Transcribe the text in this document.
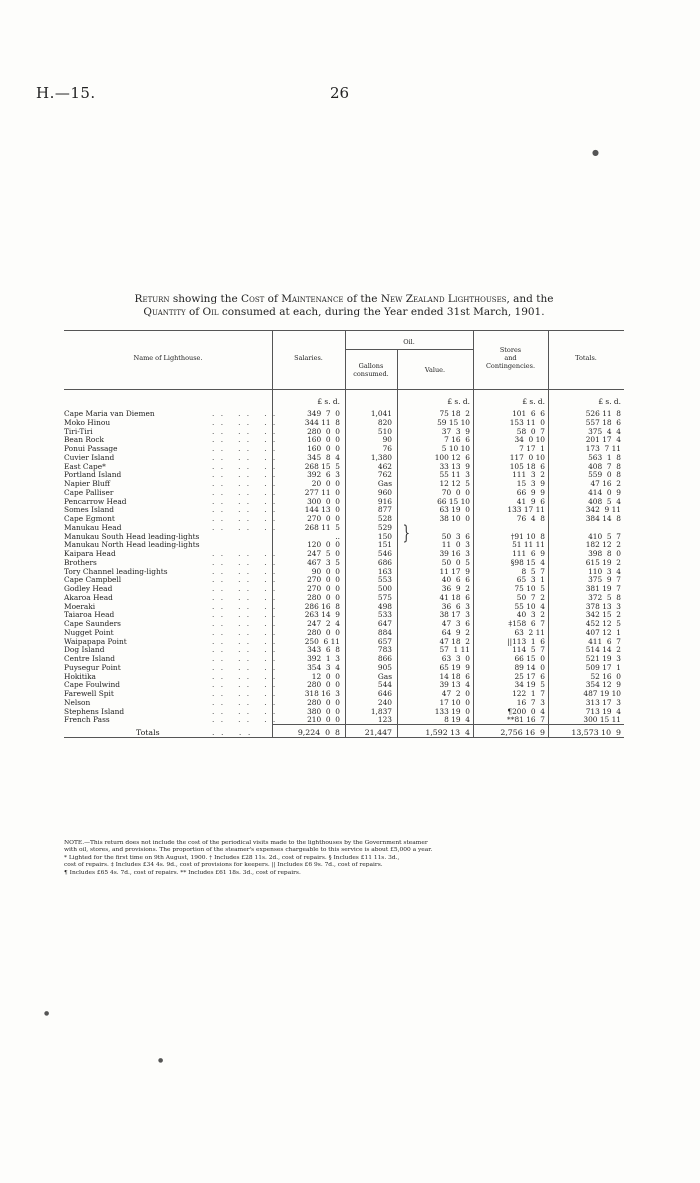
H.—15.	26
Return showing the Cost of Maintenance of the New Zealand Lighthouses, and the
Quantity of Oil consumed at each, during the Year ended 31st March, 1901.
Name of Lighthouse.	Salaries.
Oil.
Gallons
consumed.	Value.
Stores
and
Contingencies.
Totals.
£ s. d.	£ s. d.	£ s. d.	£ s. d.
. .   . .   . .
Cape Maria van Diemen	349  7  0	1,041	75 18  2	101  6  6	526 11  8
. .   . .   . .
Moko Hinou	344 11  8	820	59 15 10	153 11  0	557 18  6
. .   . .   . .
Tiri-Tiri	280  0  0	510	37  3  9	58  0  7	375  4  4
. .   . .   . .
Bean Rock	160  0  0	90	7 16  6	34  0 10	201 17  4
. .   . .   . .
Ponui Passage	160  0  0	76	5 10 10	7 17  1	173  7 11
. .   . .   . .
Cuvier Island	345  8  4	1,380	100 12  6	117  0 10	563  1  8
. .   . .   . .
East Cape*	268 15  5	462	33 13  9	105 18  6	408  7  8
. .   . .   . .
Portland Island	392  6  3	762	55 11  3	111  3  2	559  0  8
. .   . .   . .
Napier Bluff	20  0  0	Gas	12 12  5	15  3  9	47 16  2
. .   . .   . .
Cape Palliser	277 11  0	960	70  0  0	66  9  9	414  0  9
. .   . .   . .
Pencarrow Head	300  0  0	916	66 15 10	41  9  6	408  5  4
. .   . .   . .
Somes Island	144 13  0	877	63 19  0	133 17 11	342  9 11
. .   . .   . .
Cape Egmont	270  0  0	528	38 10  0	76  4  8	384 14  8
. .   . .   . .
Manukau Head	268 11  5	529
Manukau South Head leading-lights	..	150	50  3  6	†91 10  8	410  5  7
Manukau North Head leading-lights	120  0  0	151	11  0  3	51 11 11	182 12  2
. .   . .   . .
Kaipara Head	247  5  0	546	39 16  3	111  6  9	398  8  0
. .   . .   . .
Brothers	467  3  5	686	50  0  5	§98 15  4	615 19  2
. .   . .   . .
Tory Channel leading-lights	90  0  0	163	11 17  9	8  5  7	110  3  4
. .   . .   . .
Cape Campbell	270  0  0	553	40  6  6	65  3  1	375  9  7
. .   . .   . .
Godley Head	270  0  0	500	36  9  2	75 10  5	381 19  7
. .   . .   . .
Akaroa Head	280  0  0	575	41 18  6	50  7  2	372  5  8
. .   . .   . .
Moeraki	286 16  8	498	36  6  3	55 10  4	378 13  3
. .   . .   . .
Taiaroa Head	263 14  9	533	38 17  3	40  3  2	342 15  2
. .   . .   . .
Cape Saunders	247  2  4	647	47  3  6	‡158  6  7	452 12  5
. .   . .   . .
Nugget Point	280  0  0	884	64  9  2	63  2 11	407 12  1
. .   . .   . .
Waipapapa Point	250  6 11	657	47 18  2	||113  1  6	411  6  7
. .   . .   . .
Dog Island	343  6  8	783	57  1 11	114  5  7	514 14  2
. .   . .   . .
Centre Island	392  1  3	866	63  3  0	66 15  0	521 19  3
. .   . .   . .
Puysegur Point	354  3  4	905	65 19  9	89 14  0	509 17  1
. .   . .   . .
Hokitika	12  0  0	Gas	14 18  6	25 17  6	52 16  0
. .   . .   . .
Cape Foulwind	280  0  0	544	39 13  4	34 19  5	354 12  9
. .   . .   . .
Farewell Spit	318 16  3	646	47  2  0	122  1  7	487 19 10
. .   . .   . .
Nelson	280  0  0	240	17 10  0	16  7  3	313 17  3
. .   . .   . .
Stephens Island	380  0  0	1,837	133 19  0	¶200  0  4	713 19  4
. .   . .   . .
French Pass	210  0  0	123	8 19  4	**81 16  7	300 15 11
}
Totals	. .   . .	9,224  0  8	21,447	1,592 13  4	2,756 16  9	13,573 10  9
NOTE.—This return does not include the cost of the periodical visits made to the lighthouses by the Government steamer
with oil, stores, and provisions. The proportion of the steamer's expenses chargeable to this service is about £5,000 a year.
* Lighted for the first time on 9th August, 1900. † Includes £28 11s. 2d., cost of repairs. § Includes £11 11s. 3d.,
cost of repairs. ‡ Includes £34 4s. 9d., cost of provisions for keepers. || Includes £6 9s. 7d., cost of repairs.
¶ Includes £65 4s. 7d., cost of repairs. ** Includes £61 18s. 3d., cost of repairs.
●
●
●
